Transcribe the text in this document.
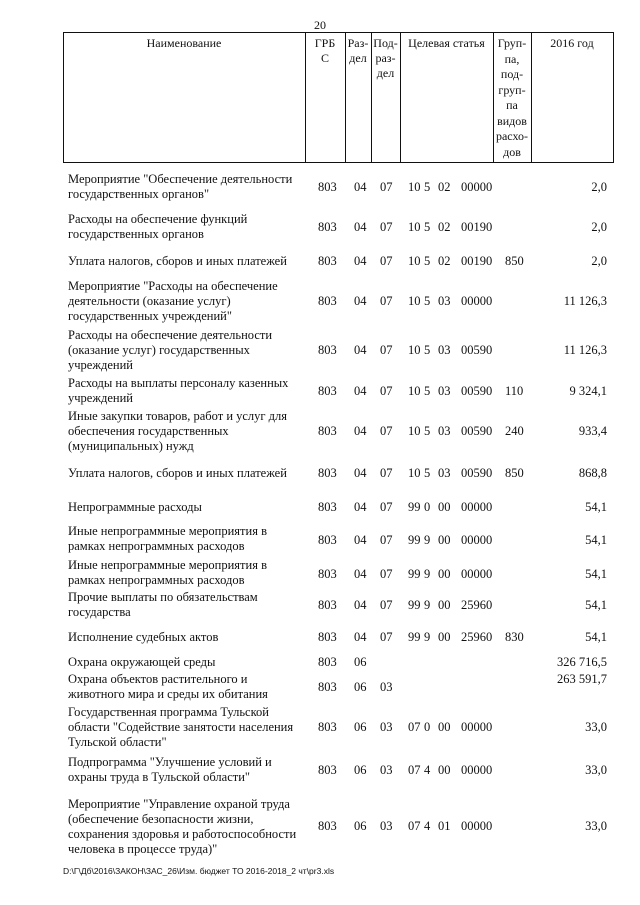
20
Наименование	ГРБ
С
Раз-
дел
Под-
раз-
дел
Целевая статья	Груп-
па,
под-
груп-
па
видов
расхо-
дов
2016 год
Мероприятие "Обеспечение деятельности
государственных органов"	803 04 07 10 5 02 00000	2,0
Расходы на обеспечение функций
государственных органов	803 04 07 10 5 02 00190	2,0
Уплата налогов, сборов и иных платежей	803 04 07 10 5 02 00190 850	2,0
Мероприятие "Расходы на обеспечение
деятельности (оказание услуг)
государственных учреждений"
803 04 07 10 5 03 00000	11 126,3
Расходы на обеспечение деятельности
(оказание услуг) государственных
учреждений
803 04 07 10 5 03 00590	11 126,3
Расходы на выплаты персоналу казенных
учреждений	803 04 07 10 5 03 00590 110	9 324,1
Иные закупки товаров, работ и услуг для
обеспечения государственных
(муниципальных) нужд
803 04 07 10 5 03 00590 240	933,4
Уплата налогов, сборов и иных платежей	803 04 07 10 5 03 00590 850	868,8
Непрограммные расходы	803 04 07 99 0 00 00000	54,1
Иные непрограммные мероприятия в
рамках непрограммных расходов	803 04 07 99 9 00 00000	54,1
Иные непрограммные мероприятия в
рамках непрограммных расходов	803 04 07 99 9 00 00000	54,1
Прочие выплаты по обязательствам
государства	803 04 07 99 9 00 25960	54,1
Исполнение судебных актов	803 04 07 99 9 00 25960 830	54,1
Охрана окружающей среды	803 06	326 716,5
Охрана объектов растительного и
животного мира и среды их обитания	803 06 03
263 591,7
Государственная программа Тульской
области "Содействие занятости населения
Тульской области"
803 06 03 07 0 00 00000	33,0
Подпрограмма "Улучшение условий и
охраны труда в Тульской области"	803 06 03 07 4 00 00000	33,0
Мероприятие "Управление охраной труда
(обеспечение безопасности жизни,
сохранения здоровья и работоспособности
человека в процессе труда)"
803 06 03 07 4 01 00000	33,0
D:\Г\Дб\2016\ЗАКОН\ЗАС_26\Изм. бюджет ТО 2016-2018_2 чт\pr3.xls
